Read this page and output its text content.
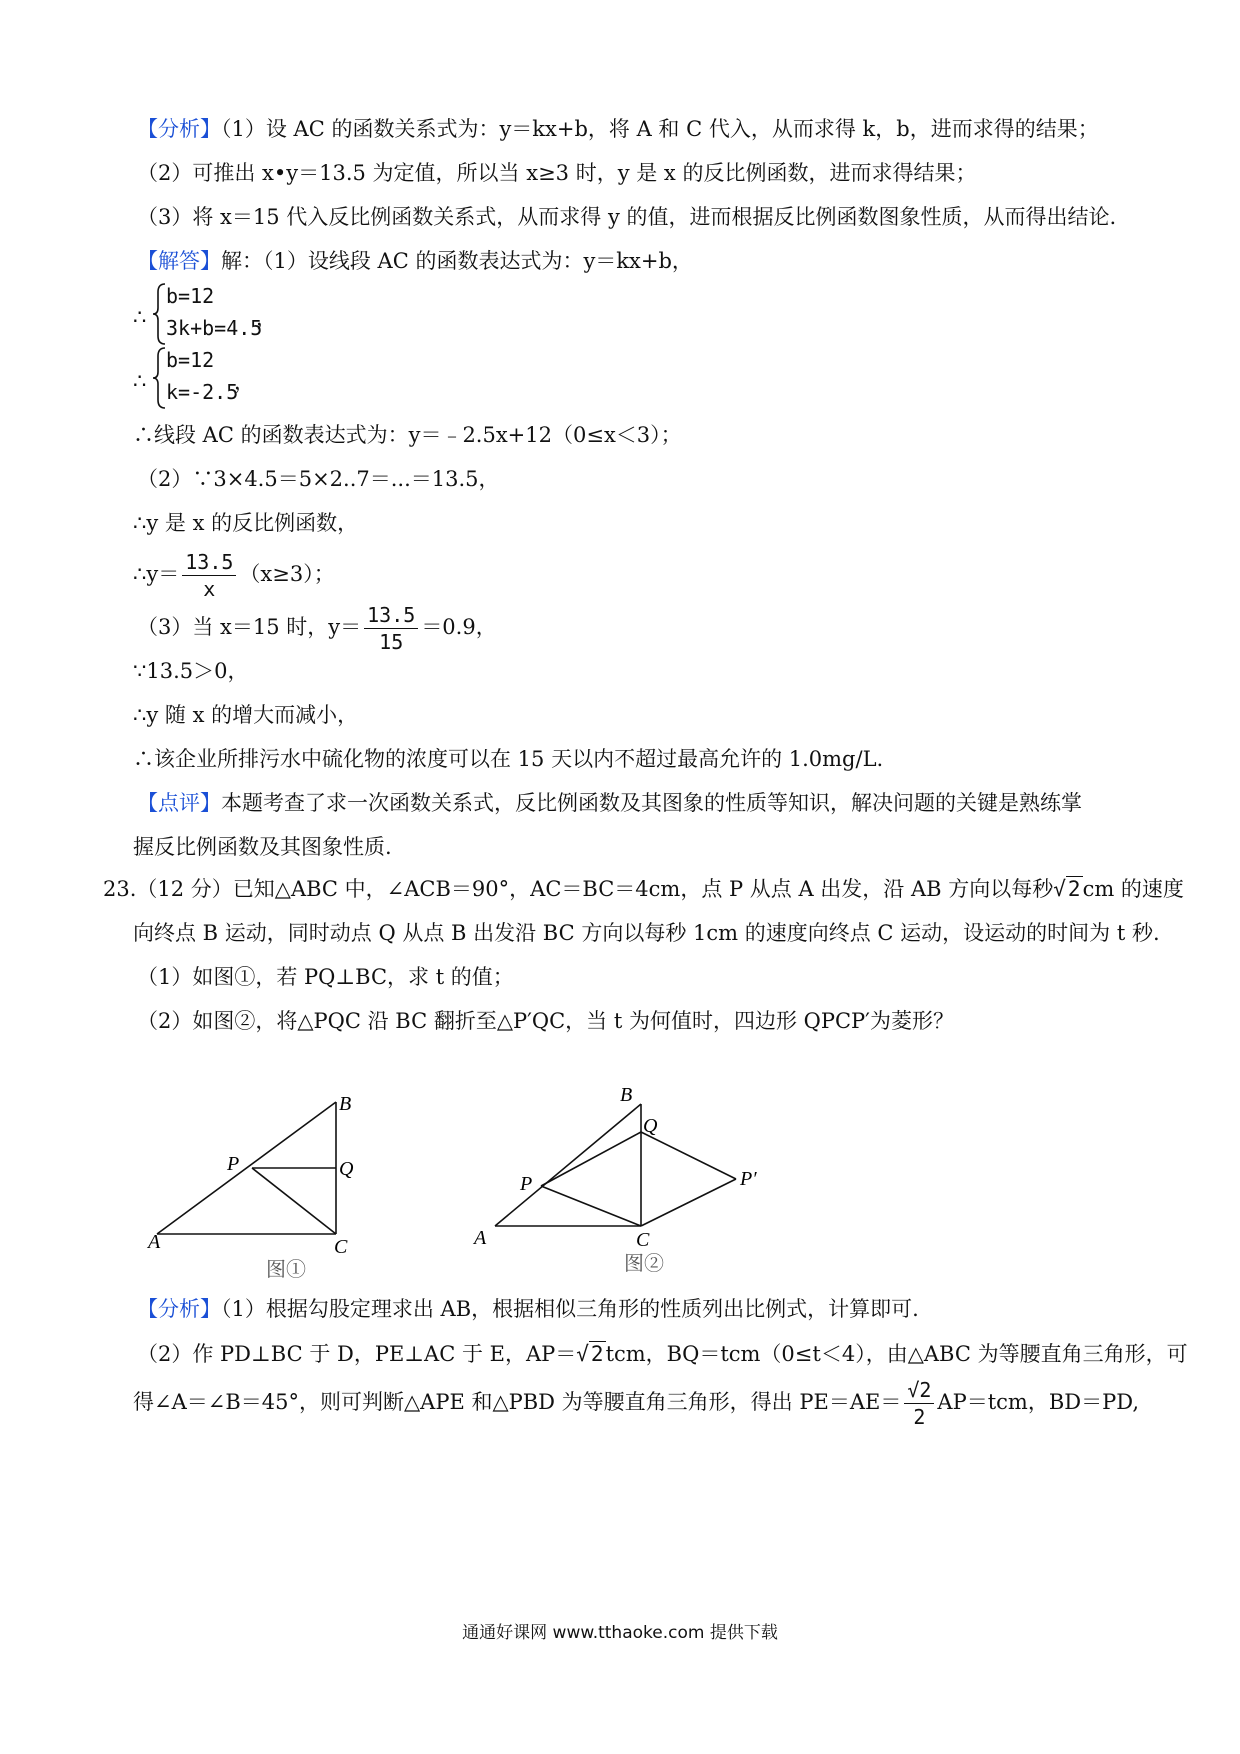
【分析】（1）设 AC 的函数关系式为：y＝kx+b，将 A 和 C 代入，从而求得 k，b，进而求得的结果；
（2）可推出 x•y＝13.5 为定值，所以当 x≥3 时，y 是 x 的反比例函数，进而求得结果；
（3）将 x＝15 代入反比例函数关系式，从而求得 y 的值，进而根据反比例函数图象性质，从而得出结论.
【解答】解：（1）设线段 AC 的函数表达式为：y＝kx+b，
∴
b=12
3k+b=4.5
，
∴
b=12
k=-2.5
，
∴线段 AC 的函数表达式为：y＝﹣2.5x+12（0≤x＜3）；
（2）∵3×4.5＝5×2..7＝...＝13.5，
∴y 是 x 的反比例函数，
∴y＝ $\frac{13.5}{x} (x\ge 3)$；
（3）当 x＝15 时，$y= \frac{13.5}{15} =0.9$，
∵13.5＞0，
∴y 随 x 的增大而减小，
∴该企业所排污水中硫化物的浓度可以在 15 天以内不超过最高允许的 1.0mg/L.
【点评】本题考查了求一次函数关系式，反比例函数及其图象的性质等知识，解决问题的关键是熟练掌
握反比例函数及其图象性质.
23.（12 分）已知△ABC 中，∠ACB＝90°，AC＝BC＝4cm，点 P 从点 A 出发，沿 AB 方向以每秒√2cm 的速度
向终点 B 运动，同时动点 Q 从点 B 出发沿 BC 方向以每秒 1cm 的速度向终点 C 运动，设运动的时间为 t 秒.
（1）如图①，若 PQ⊥BC，求 t 的值；
（2）如图②，将△PQC 沿 BC 翻折至△P′QC，当 t 为何值时，四边形 QPCP′为菱形？
A
B
C
P	Q
图①
A
B
C
P
Q
P′
图②
【分析】（1）根据勾股定理求出 AB，根据相似三角形的性质列出比例式，计算即可.
（2）作 PD⊥BC 于 D，PE⊥AC 于 E，AP＝√2tcm，BQ＝tcm（0≤t＜4），由△ABC 为等腰直角三角形，可
得∠A＝∠B＝45°，则可判断△APE 和△PBD 为等腰直角三角形，得出 $PE=AE= \frac{√2}{2} AP=tcm$，BD＝PD,
通通好课网 www.tthaoke.com 提供下载
